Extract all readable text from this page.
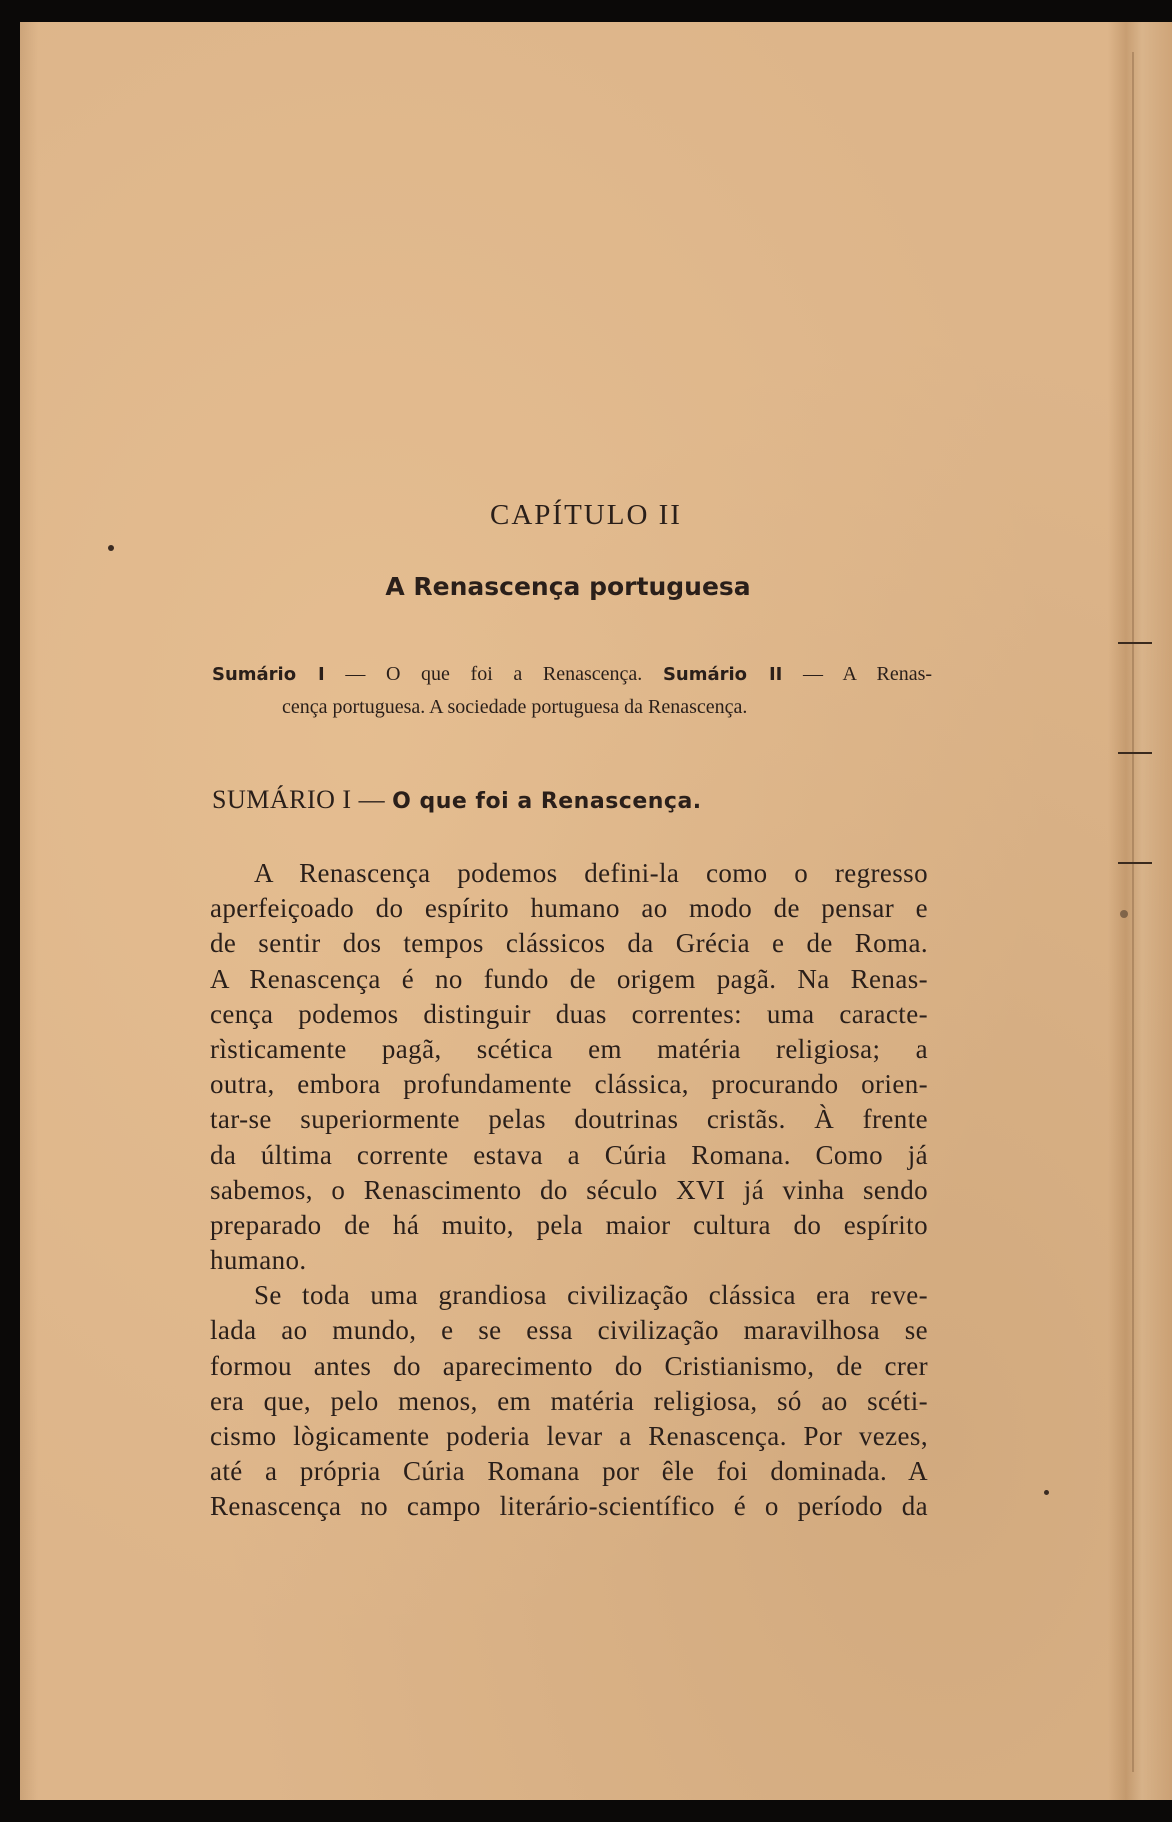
CAPÍTULO II
A Renascença portuguesa

Sumário I — O que foi a Renascença. Sumário II — A Renas-

cença portuguesa. A sociedade portuguesa da Renascença.

SUMÁRIO I — O que foi a Renascença.
A Renascença podemos defini-la como o regresso
aperfeiçoado do espírito humano ao modo de pensar e
de sentir dos tempos clássicos da Grécia e de Roma.
A Renascença é no fundo de origem pagã. Na Renas-
cença podemos distinguir duas correntes: uma caracte-
rìsticamente pagã, scética em matéria religiosa; a
outra, embora profundamente clássica, procurando orien-
tar-se superiormente pelas doutrinas cristãs. À frente
da última corrente estava a Cúria Romana. Como já
sabemos, o Renascimento do século XVI já vinha sendo
preparado de há muito, pela maior cultura do espírito
humano.
Se toda uma grandiosa civilização clássica era reve-
lada ao mundo, e se essa civilização maravilhosa se
formou antes do aparecimento do Cristianismo, de crer
era que, pelo menos, em matéria religiosa, só ao scéti-
cismo lògicamente poderia levar a Renascença. Por vezes,
até a própria Cúria Romana por êle foi dominada. A
Renascença no campo literário-scientífico é o período da
